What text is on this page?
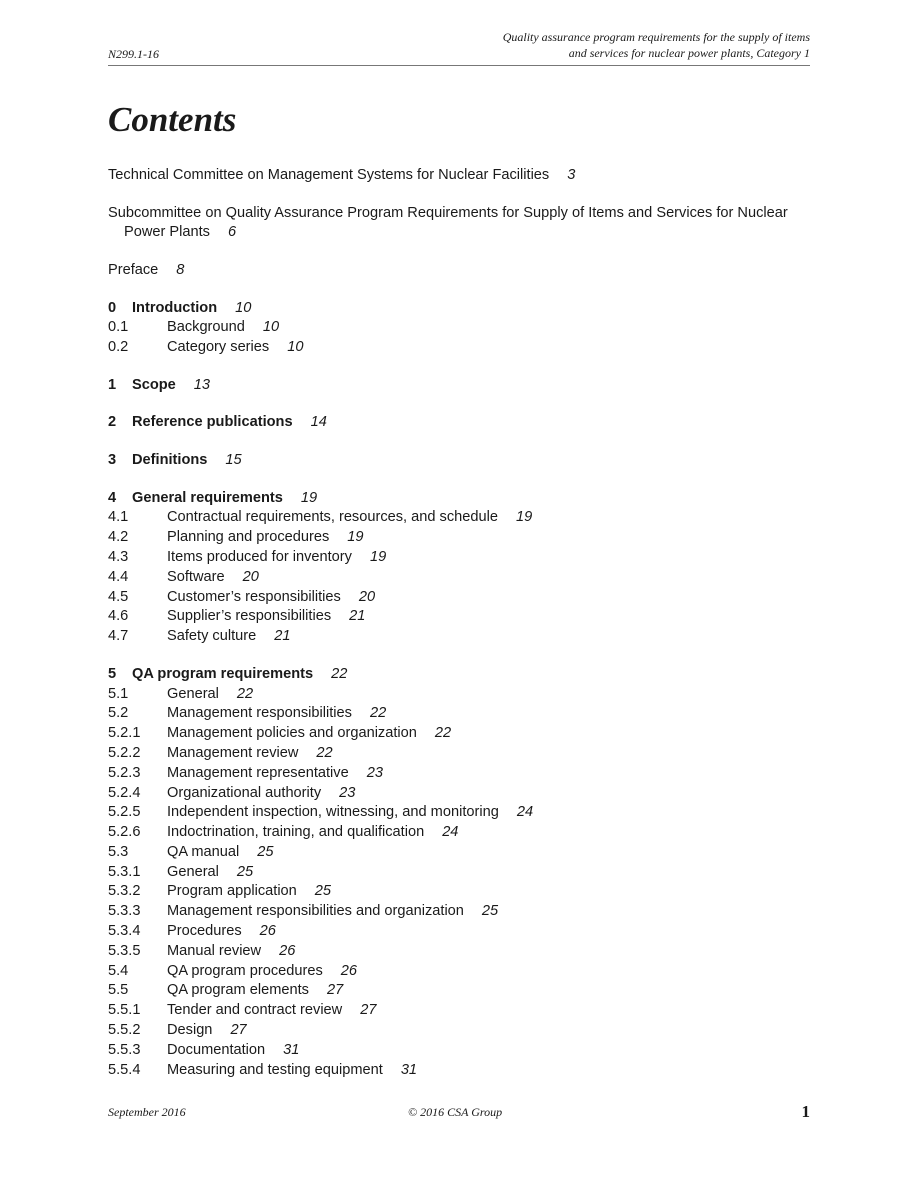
N299.1-16
Quality assurance program requirements for the supply of items
and services for nuclear power plants, Category 1
Contents
Technical Committee on Management Systems for Nuclear Facilities 3
Subcommittee on Quality Assurance Program Requirements for Supply of Items and Services for Nuclear Power Plants 6
Preface 8
0 Introduction 10
0.1	Background 10
0.2	Category series 10
1 Scope 13
2 Reference publications 14
3 Definitions 15
4 General requirements 19
4.1	Contractual requirements, resources, and schedule 19
4.2	Planning and procedures 19
4.3	Items produced for inventory 19
4.4	Software 20
4.5	Customer’s responsibilities 20
4.6	Supplier’s responsibilities 21
4.7	Safety culture 21
5 QA program requirements 22
5.1	General 22
5.2	Management responsibilities 22
5.2.1 Management policies and organization 22
5.2.2 Management review 22
5.2.3 Management representative 23
5.2.4 Organizational authority 23
5.2.5 Independent inspection, witnessing, and monitoring 24
5.2.6 Indoctrination, training, and qualification 24
5.3	QA manual 25
5.3.1 General 25
5.3.2 Program application 25
5.3.3 Management responsibilities and organization 25
5.3.4 Procedures 26
5.3.5 Manual review 26
5.4	QA program procedures 26
5.5	QA program elements 27
5.5.1 Tender and contract review 27
5.5.2 Design 27
5.5.3 Documentation 31
5.5.4 Measuring and testing equipment 31
September 2016	© 2016 CSA Group	1
